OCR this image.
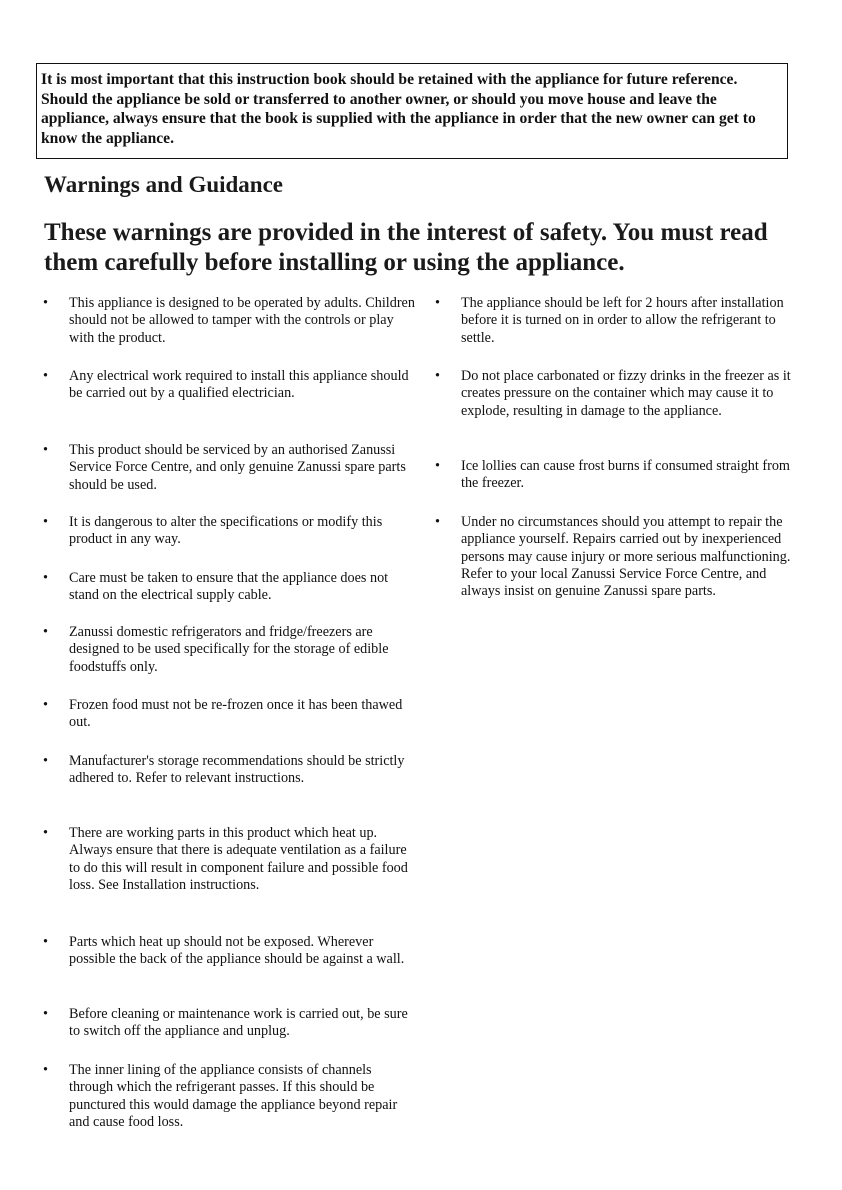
It is most important that this instruction book should be retained with the appliance for future reference. Should the appliance be sold or transferred to another owner, or should you move house and leave the appliance, always ensure that the book is supplied with the appliance in order that the new owner can get to know the appliance.
Warnings and Guidance
These warnings are provided in the interest of safety. You must read them carefully before installing or using the appliance.
•	This appliance is designed to be operated by adults. Children should not be allowed to tamper with the controls or play with the product.
•	Any electrical work required to install this appliance should be carried out by a qualified electrician.
•	This product should be serviced by an authorised Zanussi Service Force Centre, and only genuine Zanussi spare parts should be used.
•	It is dangerous to alter the specifications or modify this product in any way.
•	Care must be taken to ensure that the appliance does not stand on the electrical supply cable.
•	Zanussi domestic refrigerators and fridge/freezers are designed to be used specifically for the storage of edible foodstuffs only.
•	Frozen food must not be re-frozen once it has been thawed out.
•	Manufacturer's storage recommendations should be strictly adhered to. Refer to relevant instructions.
•	There are working parts in this product which heat up. Always ensure that there is adequate ventilation as a failure to do this will result in component failure and possible food loss. See Installation instructions.
•	Parts which heat up should not be exposed. Wherever possible the back of the appliance should be against a wall.
•	Before cleaning or maintenance work is carried out, be sure to switch off the appliance and unplug.
•	The inner lining of the appliance consists of channels through which the refrigerant passes. If this should be punctured this would damage the appliance beyond repair and cause food loss.
•	The appliance should be left for 2 hours after installation before it is turned on in order to allow the refrigerant to settle.
•	Do not place carbonated or fizzy drinks in the freezer as it creates pressure on the container which may cause it to explode, resulting in damage to the appliance.
•	Ice lollies can cause frost burns if consumed straight from the freezer.
•	Under no circumstances should you attempt to repair the appliance yourself. Repairs carried out by inexperienced persons may cause injury or more serious malfunctioning. Refer to your local Zanussi Service Force Centre, and always insist on genuine Zanussi spare parts.
